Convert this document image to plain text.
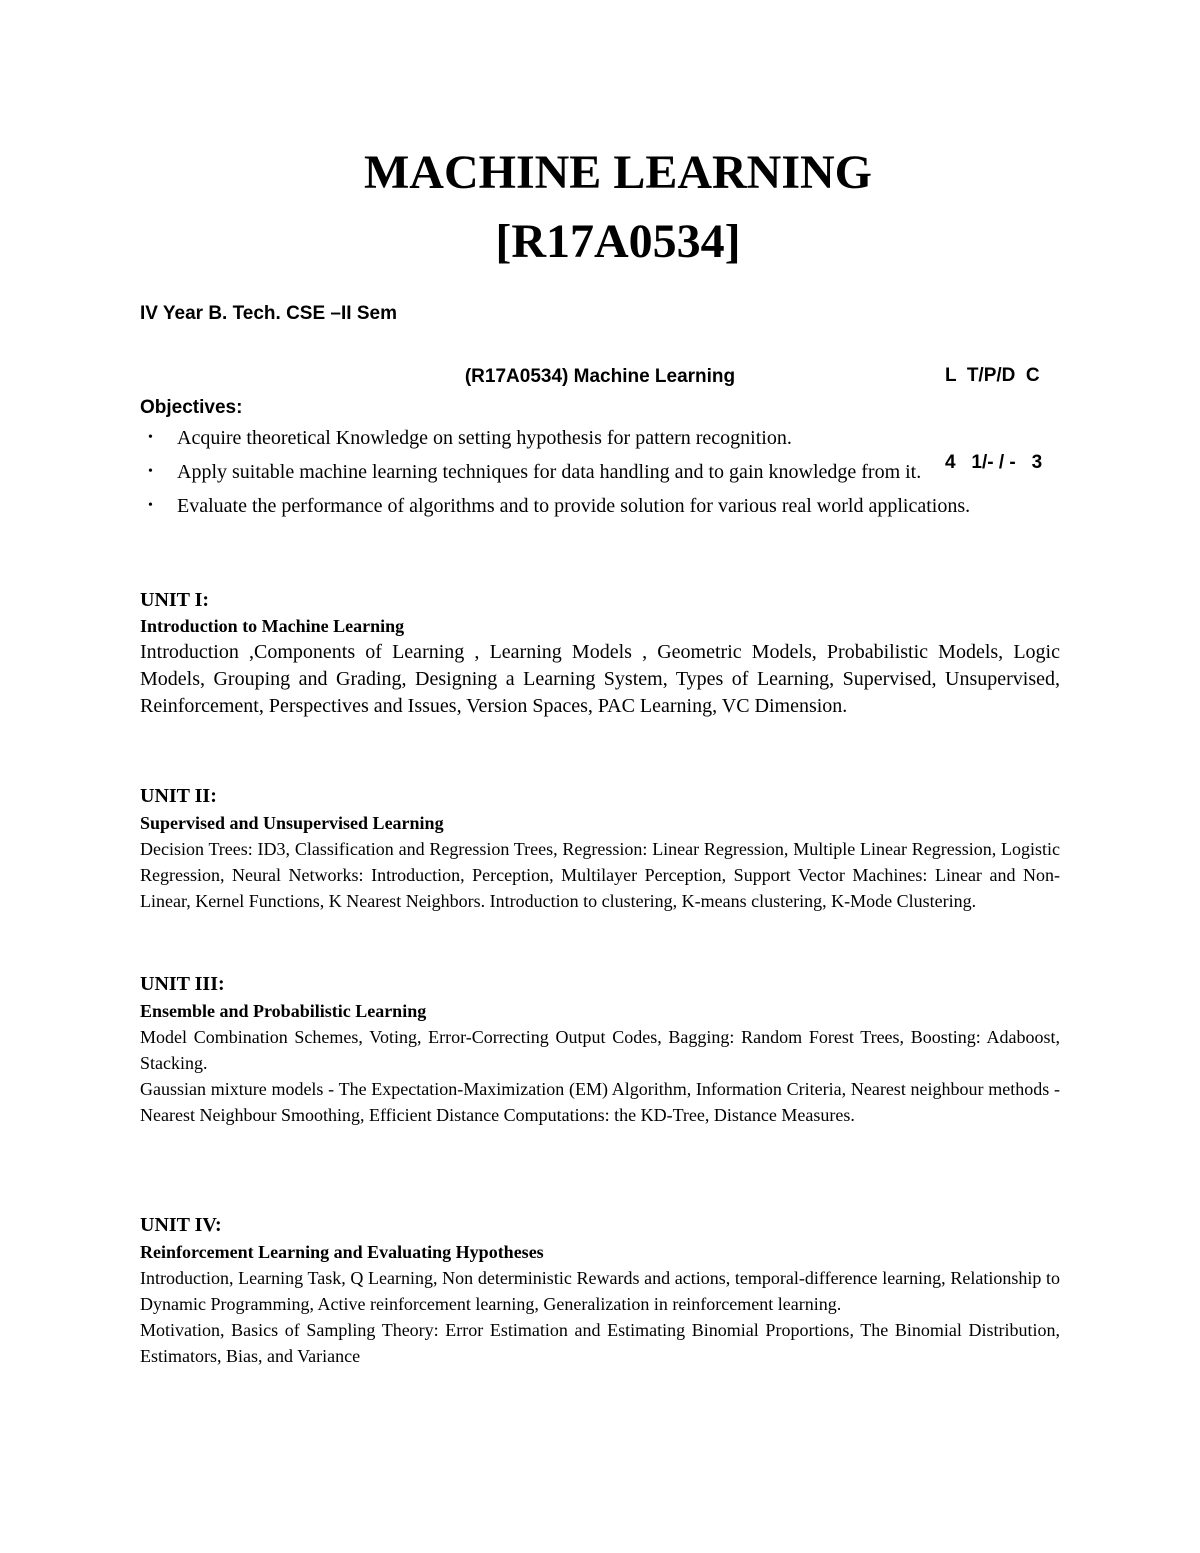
MACHINE LEARNING
[R17A0534]
IV Year B. Tech. CSE –II Sem

L  T/P/D  C

4   1/- / -   3

(R17A0534) Machine Learning
Objectives:
• Acquire theoretical Knowledge on setting hypothesis for pattern recognition.
• Apply suitable machine learning techniques for data handling and to gain knowledge from it.
• Evaluate the performance of algorithms and to provide solution for various real world applications.

UNIT I:

Introduction to Machine Learning

Introduction ,Components of Learning , Learning Models , Geometric Models, Probabilistic Models, Logic Models, Grouping and Grading, Designing a Learning System, Types of Learning, Supervised, Unsupervised, Reinforcement, Perspectives and Issues, Version Spaces, PAC Learning, VC Dimension.

UNIT II:

Supervised and Unsupervised Learning

Decision Trees: ID3, Classification and Regression Trees, Regression: Linear Regression, Multiple Linear Regression, Logistic Regression, Neural Networks: Introduction, Perception, Multilayer Perception, Support Vector Machines: Linear and Non-Linear, Kernel Functions, K Nearest Neighbors. Introduction to clustering, K-means clustering, K-Mode Clustering.

UNIT III:

Ensemble and Probabilistic Learning

Model Combination Schemes, Voting, Error-Correcting Output Codes, Bagging: Random Forest Trees, Boosting: Adaboost, Stacking.

Gaussian mixture models - The Expectation-Maximization (EM) Algorithm, Information Criteria, Nearest neighbour methods - Nearest Neighbour Smoothing, Efficient Distance Computations: the KD-Tree, Distance Measures.

UNIT IV:

Reinforcement Learning and Evaluating Hypotheses

Introduction, Learning Task, Q Learning, Non deterministic Rewards and actions, temporal-difference learning, Relationship to Dynamic Programming, Active reinforcement learning, Generalization in reinforcement learning.

Motivation, Basics of Sampling Theory: Error Estimation and Estimating Binomial Proportions, The Binomial Distribution, Estimators, Bias, and Variance
